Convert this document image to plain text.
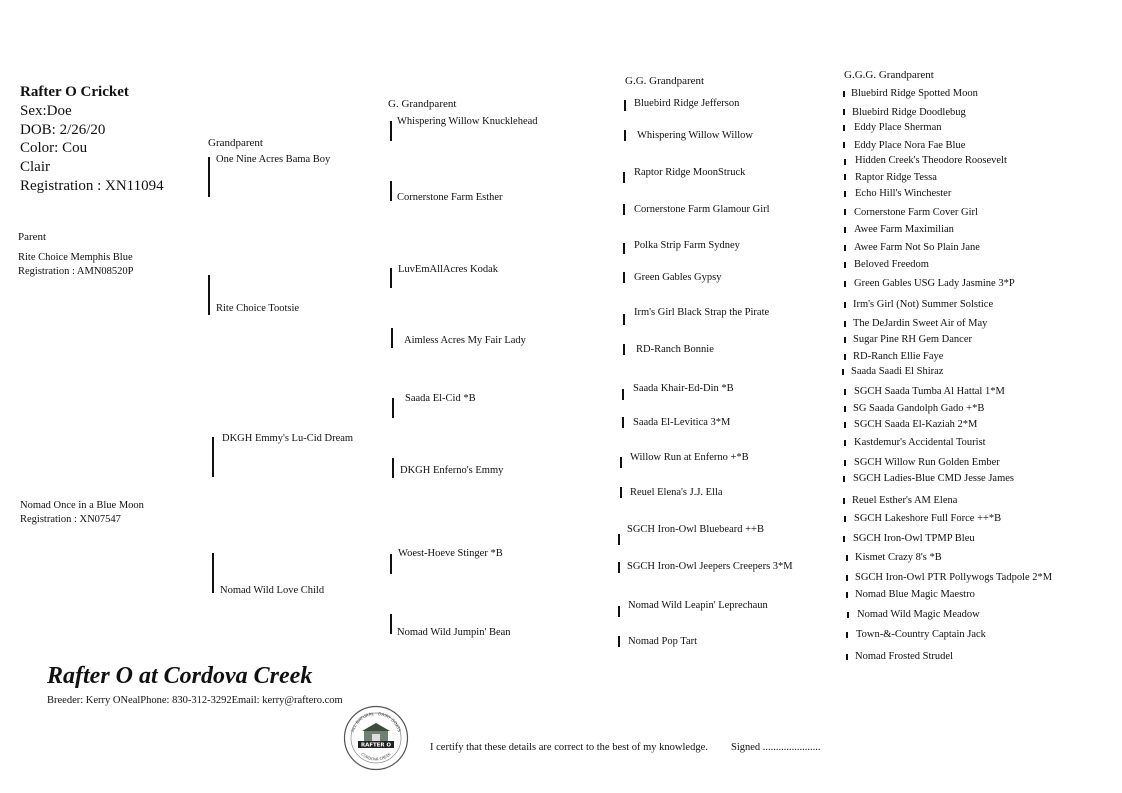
Rafter O Cricket
Sex:Doe
DOB: 2/26/20
Color: Cou
Clair
Registration : XN11094
Parent
Grandparent
G. Grandparent
G.G. Grandparent	G.G.G. Grandparent
Rite Choice Memphis Blue
Registration : AMN08520P
Nomad Once in a Blue Moon
Registration : XN07547
One Nine Acres Bama Boy
Rite Choice Tootsie
DKGH Emmy's Lu-Cid Dream
Nomad Wild Love Child
Whispering Willow Knucklehead
Cornerstone Farm Esther
LuvEmAllAcres Kodak
Aimless Acres My Fair Lady
Saada El-Cid *B
DKGH Enferno's Emmy
Woest-Hoeve Stinger *B
Nomad Wild Jumpin' Bean
Bluebird Ridge Jefferson
Whispering Willow Willow
Raptor Ridge MoonStruck
Cornerstone Farm Glamour Girl
Polka Strip Farm Sydney
Green Gables Gypsy
Irm's Girl Black Strap the Pirate
RD-Ranch Bonnie
Saada Khair-Ed-Din *B
Saada El-Levitica 3*M
Willow Run at Enferno +*B
Reuel Elena's J.J. Ella
SGCH Iron-Owl Bluebeard ++B
SGCH Iron-Owl Jeepers Creepers 3*M
Nomad Wild Leapin' Leprechaun
Nomad Pop Tart
Bluebird Ridge Spotted Moon
Bluebird Ridge Doodlebug
Eddy Place Sherman
Eddy Place Nora Fae Blue
Hidden Creek's Theodore Roosevelt
Raptor Ridge Tessa
Echo Hill's Winchester
Cornerstone Farm Cover Girl
Awee Farm Maximilian
Awee Farm Not So Plain Jane
Beloved Freedom
Green Gables USG Lady Jasmine 3*P
Irm's Girl (Not) Summer Solstice
The DeJardin Sweet Air of May
Sugar Pine RH Gem Dancer
RD-Ranch Ellie Faye
Saada Saadi El Shiraz
SGCH Saada Tumba Al Hattal 1*M
SG Saada Gandolph Gado +*B
SGCH Saada El-Kaziah 2*M
Kastdemur's Accidental Tourist
SGCH Willow Run Golden Ember
SGCH Ladies-Blue CMD Jesse James
Reuel Esther's AM Elena
SGCH Lakeshore Full Force ++*B
SGCH Iron-Owl TPMP Bleu
Kismet Crazy 8's *B
SGCH Iron-Owl PTR Pollywogs Tadpole 2*M
Nomad Blue Magic Maestro
Nomad Wild Magic Meadow
Town-&-Country Captain Jack
Nomad Frosted Strudel
Rafter O at Cordova Creek
Breeder: Kerry ONealPhone: 830-312-3292Email: kerry@raftero.com
ALL NATURAL · DAIRY GOATS
RAFTER O
CORDOVA CREEK
I certify that these details are correct to the best of my knowledge. Signed ......................
